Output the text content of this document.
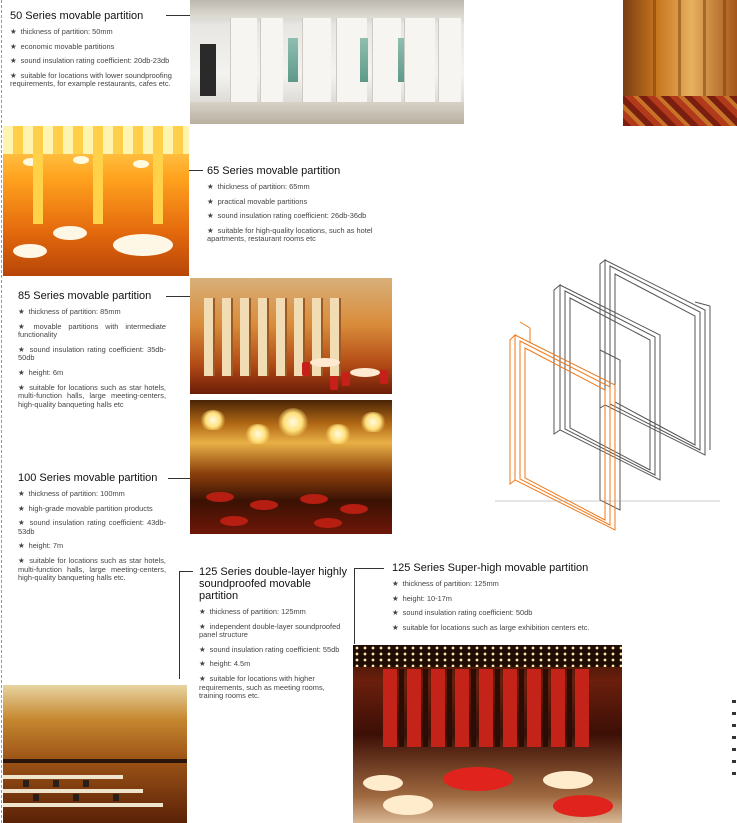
50 Series movable partition
★ thickness of partition: 50mm
★ economic movable partitions
★ sound insulation rating coefficient: 20db-23db
★ suitable for locations with lower soundproofing requirements, for example restaurants, cafes etc.
65 Series movable partition
★ thickness of partition: 65mm
★ practical movable partitions
★ sound insulation rating coefficient: 26db-36db
★ suitable for high-quality locations, such as hotel apartments, restaurant rooms etc
85 Series movable partition
★ thickness of partition: 85mm
★ movable partitions with intermediate functionality
★ sound insulation rating coefficient: 35db-50db
★ height: 6m
★ suitable for locations such as star hotels, multi-function halls, large meeting-centers, high-quality banqueting halls etc
100 Series movable partition
★ thickness of partition: 100mm
★ high-grade movable partition products
★ sound insulation rating coefficient: 43db-53db
★ height: 7m
★ suitable for locations such as star hotels, multi-function halls, large meeting-centers, high-quality banqueting halls etc.	125 Series double-layer highly soundproofed movable partition
★ thickness of partition: 125mm
★ independent double-layer soundproofed panel structure
★ sound insulation rating coefficient: 55db
★ height: 4.5m
★ suitable for locations with higher requirements, such as meeting rooms, training rooms etc.
125 Series Super-high movable partition
★ thickness of partition: 125mm
★ height: 10-17m
★ sound insulation rating coefficient: 50db
★ suitable for locations such as large exhibition centers etc.
